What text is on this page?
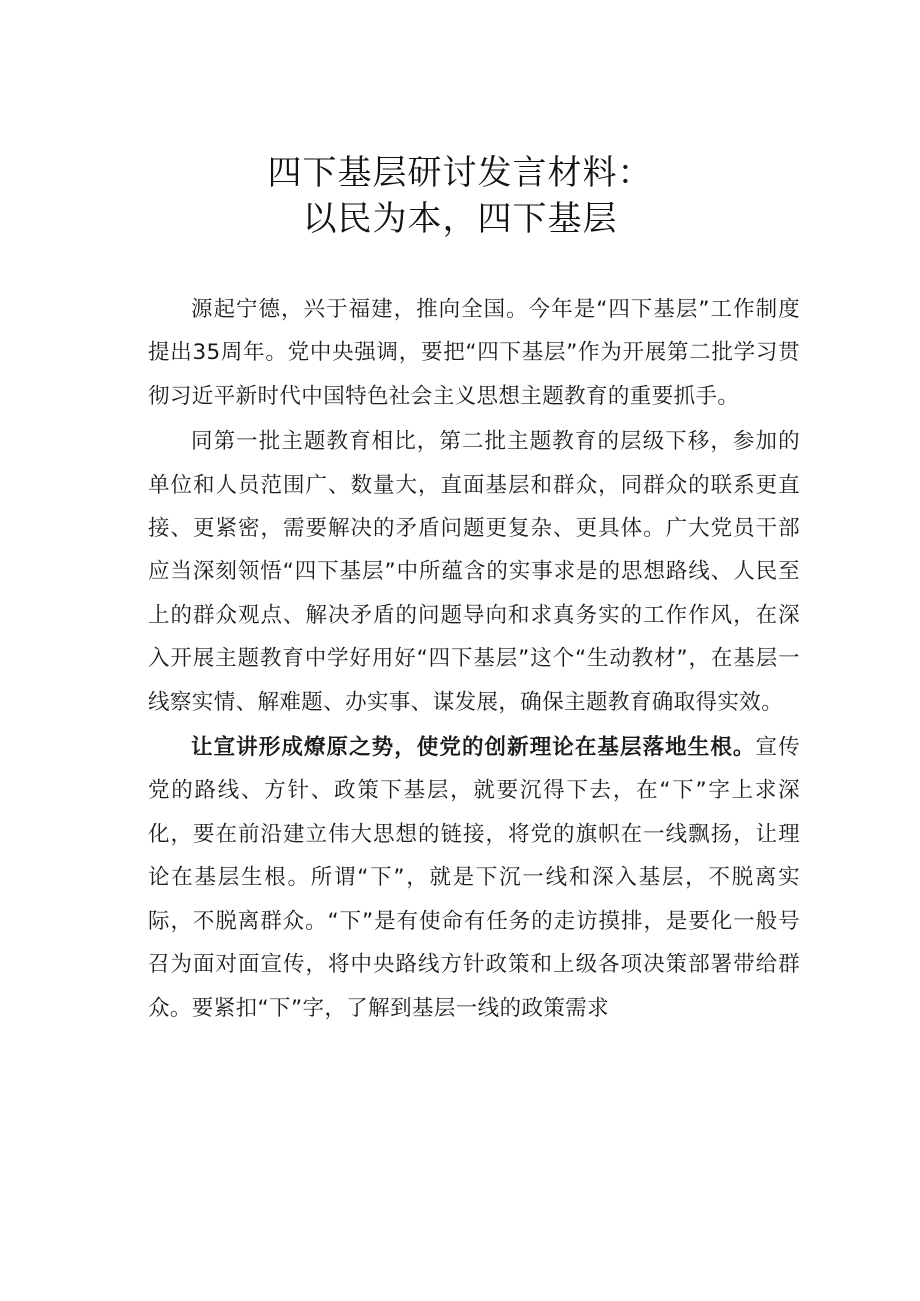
四下基层研讨发言材料：
以民为本，四下基层

源起宁德，兴于福建，推向全国。今年是“四下基层”工作制度提出35周年。党中央强调，要把“四下基层”作为开展第二批学习贯彻习近平新时代中国特色社会主义思想主题教育的重要抓手。

同第一批主题教育相比，第二批主题教育的层级下移，参加的单位和人员范围广、数量大，直面基层和群众，同群众的联系更直接、更紧密，需要解决的矛盾问题更复杂、更具体。广大党员干部应当深刻领悟“四下基层”中所蕴含的实事求是的思想路线、人民至上的群众观点、解决矛盾的问题导向和求真务实的工作作风，在深入开展主题教育中学好用好“四下基层”这个“生动教材”，在基层一线察实情、解难题、办实事、谋发展，确保主题教育确取得实效。

让宣讲形成燎原之势，使党的创新理论在基层落地生根。宣传党的路线、方针、政策下基层，就要沉得下去，在“下”字上求深化，要在前沿建立伟大思想的链接，将党的旗帜在一线飘扬，让理论在基层生根。所谓“下”，就是下沉一线和深入基层，不脱离实际，不脱离群众。“下”是有使命有任务的走访摸排，是要化一般号召为面对面宣传，将中央路线方针政策和上级各项决策部署带给群众。要紧扣“下”字，了解到基层一线的政策需求
